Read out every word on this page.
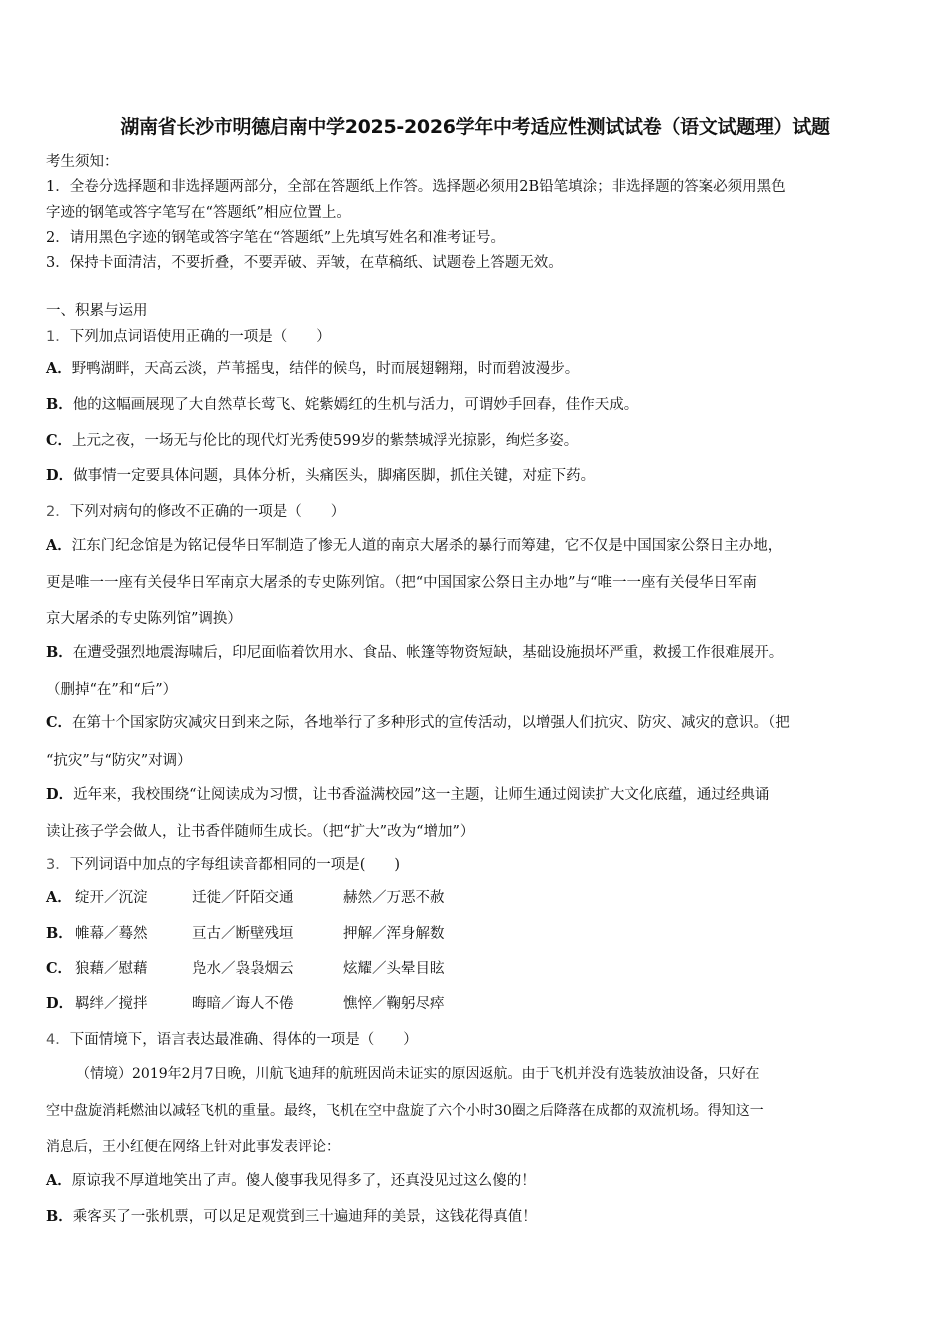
湖南省长沙市明德启南中学2025-2026学年中考适应性测试试卷（语文试题理）试题
考生须知：
1．全卷分选择题和非选择题两部分，全部在答题纸上作答。选择题必须用2B铅笔填涂；非选择题的答案必须用黑色
字迹的钢笔或答字笔写在“答题纸”相应位置上。
2．请用黑色字迹的钢笔或答字笔在“答题纸”上先填写姓名和准考证号。
3．保持卡面清洁，不要折叠，不要弄破、弄皱，在草稿纸、试题卷上答题无效。
一、积累与运用
1．下列加点词语使用正确的一项是（　　）
A．野鸭湖畔，天高云淡，芦苇摇曳，结伴的候鸟，时而展翅翱翔，时而碧波漫步。
B．他的这幅画展现了大自然草长莺飞、姹紫嫣红的生机与活力，可谓妙手回春，佳作天成。
C．上元之夜，一场无与伦比的现代灯光秀使599岁的紫禁城浮光掠影，绚烂多姿。
D．做事情一定要具体问题，具体分析，头痛医头，脚痛医脚，抓住关键，对症下药。
2．下列对病句的修改不正确的一项是（　　）
A．江东门纪念馆是为铭记侵华日军制造了惨无人道的南京大屠杀的暴行而筹建，它不仅是中国国家公祭日主办地，
更是唯一一座有关侵华日军南京大屠杀的专史陈列馆。（把“中国国家公祭日主办地”与“唯一一座有关侵华日军南
京大屠杀的专史陈列馆”调换）
B．在遭受强烈地震海啸后，印尼面临着饮用水、食品、帐篷等物资短缺，基础设施损坏严重，救援工作很难展开。
（删掉“在”和“后”）
C．在第十个国家防灾减灾日到来之际，各地举行了多种形式的宣传活动，以增强人们抗灾、防灾、减灾的意识。（把
“抗灾”与“防灾”对调）
D．近年来，我校围绕“让阅读成为习惯，让书香溢满校园”这一主题，让师生通过阅读扩大文化底蕴，通过经典诵
读让孩子学会做人，让书香伴随师生成长。（把“扩大”改为“增加”）
3．下列词语中加点的字每组读音都相同的一项是(　　)
A． 绽开／沉淀	迁徙／阡陌交通	赫然／万恶不赦
B． 帷幕／蓦然	亘古／断壁残垣	押解／浑身解数
C． 狼藉／慰藉	凫水／袅袅烟云	炫耀／头晕目眩
D． 羁绊／搅拌	晦暗／诲人不倦	憔悴／鞠躬尽瘁
4．下面情境下，语言表达最准确、得体的一项是（　　）
（情境）2019年2月7日晚，川航飞迪拜的航班因尚未证实的原因返航。由于飞机并没有选装放油设备，只好在
空中盘旋消耗燃油以减轻飞机的重量。最终，飞机在空中盘旋了六个小时30圈之后降落在成都的双流机场。得知这一
消息后，王小红便在网络上针对此事发表评论：
A．原谅我不厚道地笑出了声。傻人傻事我见得多了，还真没见过这么傻的！
B．乘客买了一张机票，可以足足观赏到三十遍迪拜的美景，这钱花得真值！
